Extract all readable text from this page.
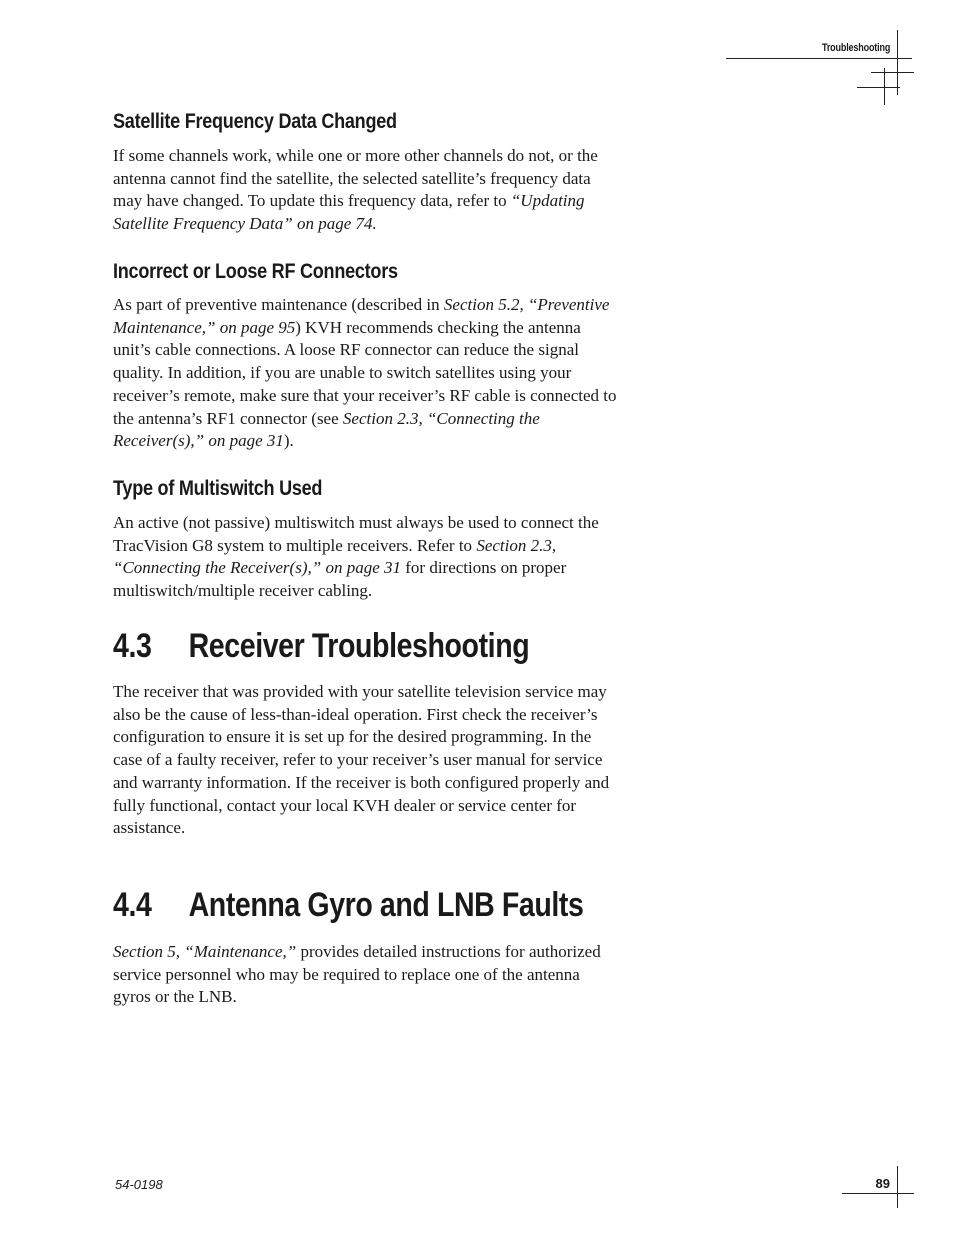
Troubleshooting
Satellite Frequency Data Changed

If some channels work, while one or more other channels do not, or the antenna cannot find the satellite, the selected satellite’s frequency data may have changed. To update this frequency data, refer to “Updating Satellite Frequency Data” on page 74.

Incorrect or Loose RF Connectors

As part of preventive maintenance (described in Section 5.2, “Preventive Maintenance,” on page 95) KVH recommends checking the antenna unit’s cable connections. A loose RF connector can reduce the signal quality. In addition, if you are unable to switch satellites using your receiver’s remote, make sure that your receiver’s RF cable is connected to the antenna’s RF1 connector (see Section 2.3, “Connecting the Receiver(s),” on page 31).

Type of Multiswitch Used

An active (not passive) multiswitch must always be used to connect the TracVision G8 system to multiple receivers. Refer to Section 2.3, “Connecting the Receiver(s),” on page 31 for directions on proper multiswitch/multiple receiver cabling.

4.3 Receiver Troubleshooting

The receiver that was provided with your satellite television service may also be the cause of less-than-ideal operation. First check the receiver’s configuration to ensure it is set up for the desired programming. In the case of a faulty receiver, refer to your receiver’s user manual for service and warranty information. If the receiver is both configured properly and fully functional, contact your local KVH dealer or service center for assistance.

4.4 Antenna Gyro and LNB Faults

Section 5, “Maintenance,” provides detailed instructions for authorized service personnel who may be required to replace one of the antenna gyros or the LNB.

54-0198	89
